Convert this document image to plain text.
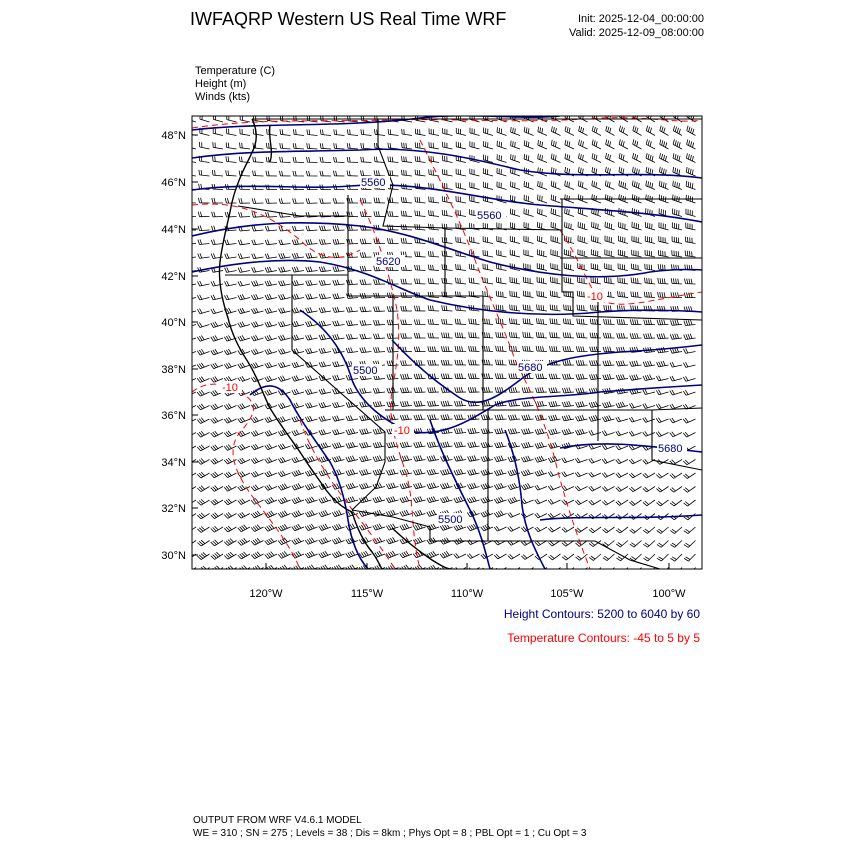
IWFAQRP Western US Real Time WRF	Init: 2025-12-04_00:00:00
Valid: 2025-12-09_08:00:00
Temperature (C)
Height (m)
Winds (kts)
48°N
46°N
44°N
42°N
40°N
38°N
36°N
34°N
32°N
30°N
120°W	115°W	110°W	105°W	100°W
5560
5560
5620
5500	5680
5680
5500
-10
-10
-10
Height Contours: 5200 to 6040 by 60
Temperature Contours: -45 to 5 by 5
OUTPUT FROM WRF V4.6.1 MODEL
WE = 310 ; SN = 275 ; Levels = 38 ; Dis = 8km ; Phys Opt = 8 ; PBL Opt = 1 ; Cu Opt = 3
